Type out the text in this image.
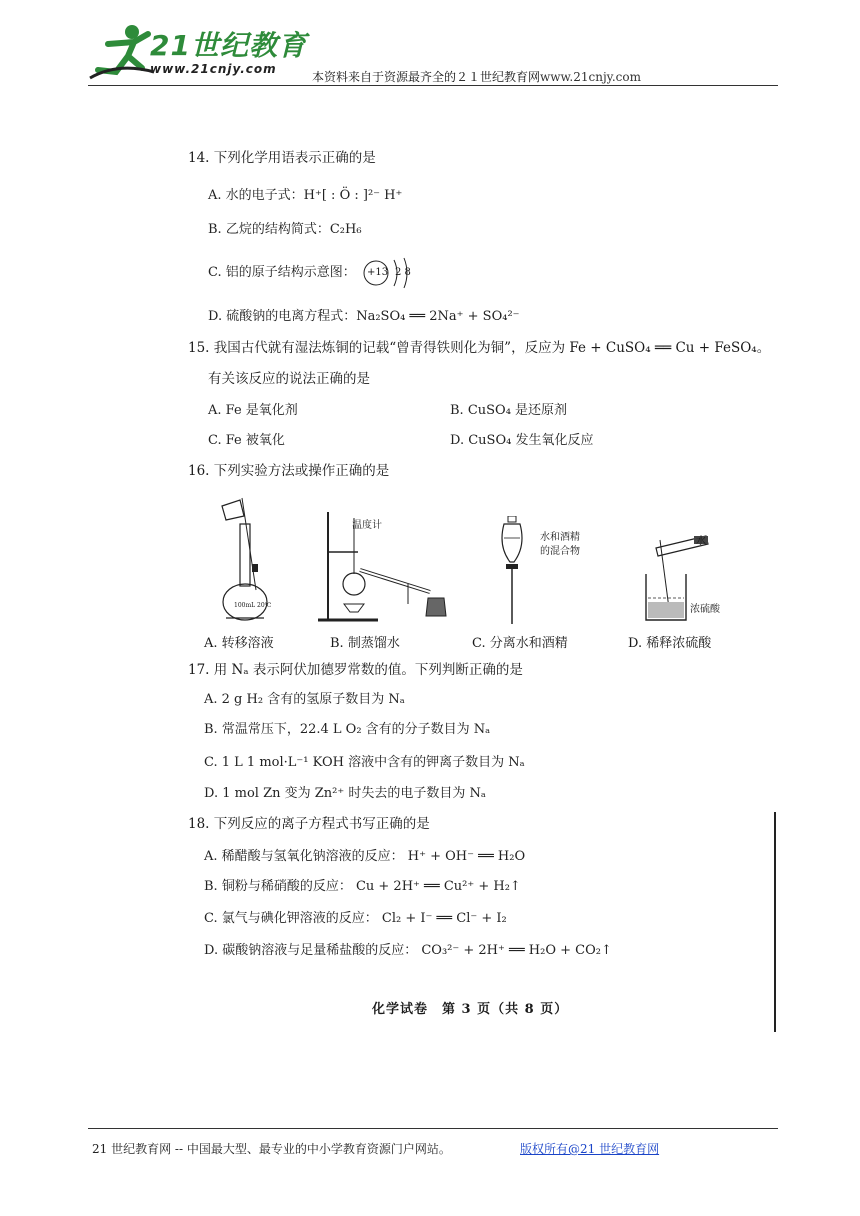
21世纪教育
www.21cnjy.com
本资料来自于资源最齐全的２１世纪教育网www.21cnjy.com
14. 下列化学用语表示正确的是
A. 水的电子式：H⁺[ : Ö : ]²⁻ H⁺
B. 乙烷的结构简式：C₂H₆
C. 铝的原子结构示意图： +13 2 8
D. 硫酸钠的电离方程式：Na₂SO₄ ══ 2Na⁺ + SO₄²⁻
15. 我国古代就有湿法炼铜的记载“曾青得铁则化为铜”，反应为 Fe + CuSO₄ ══ Cu + FeSO₄。
有关该反应的说法正确的是
A. Fe 是氧化剂	B. CuSO₄ 是还原剂
C. Fe 被氧化	D. CuSO₄ 发生氧化反应
16. 下列实验方法或操作正确的是
100mL 20℃
温度计
水和酒精
的混合物
水
浓硫酸
A. 转移溶液	B. 制蒸馏水	C. 分离水和酒精	D. 稀释浓硫酸
17. 用 Nₐ 表示阿伏加德罗常数的值。下列判断正确的是
A. 2 g H₂ 含有的氢原子数目为 Nₐ
B. 常温常压下，22.4 L O₂ 含有的分子数目为 Nₐ
C. 1 L 1 mol·L⁻¹ KOH 溶液中含有的钾离子数目为 Nₐ
D. 1 mol Zn 变为 Zn²⁺ 时失去的电子数目为 Nₐ
18. 下列反应的离子方程式书写正确的是
A. 稀醋酸与氢氧化钠溶液的反应： H⁺ + OH⁻ ══ H₂O
B. 铜粉与稀硝酸的反应： Cu + 2H⁺ ══ Cu²⁺ + H₂↑
C. 氯气与碘化钾溶液的反应： Cl₂ + I⁻ ══ Cl⁻ + I₂
D. 碳酸钠溶液与足量稀盐酸的反应： CO₃²⁻ + 2H⁺ ══ H₂O + CO₂↑
化学试卷　第 3 页（共 8 页）
21 世纪教育网 -- 中国最大型、最专业的中小学教育资源门户网站。	版权所有@21 世纪教育网
